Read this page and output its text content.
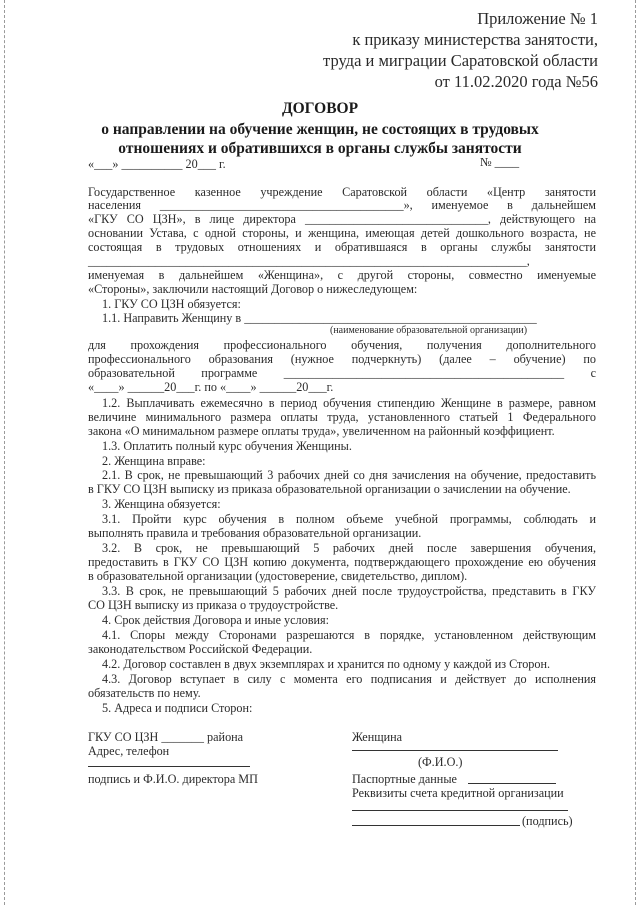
Приложение № 1

к приказу министерства занятости,
труда и миграции Саратовской области
от 11.02.2020 года №56
ДОГОВОР
о направлении на обучение женщин, не состоящих в трудовых
отношениях и обратившихся в органы службы занятости
«___» __________ 20___ г.	№ ____
Государственное казенное учреждение Саратовской области «Центр занятости
населения ________________________________________», именуемое в дальнейшем
«ГКУ СО ЦЗН», в лице директора ______________________________, действующего на
основании Устава, с одной стороны, и женщина, имеющая детей дошкольного возраста, не
состоящая в трудовых отношениях и обратившаяся в органы службы занятости
________________________________________________________________________,
именуемая в дальнейшем «Женщина», с другой стороны, совместно именуемые
«Стороны», заключили настоящий Договор о нижеследующем:
1. ГКУ СО ЦЗН обязуется:
1.1. Направить Женщину в ________________________________________________
(наименование образовательной организации)
для прохождения профессионального обучения, получения дополнительного
профессионального образования (нужное подчеркнуть) (далее – обучение) по
образовательной программе ______________________________________________ с
«____» ______20___г. по «____» ______20___г.
1.2. Выплачивать ежемесячно в период обучения стипендию Женщине в размере, равном
величине минимального размера оплаты труда, установленного статьей 1 Федерального
закона «О минимальном размере оплаты труда», увеличенном на районный коэффициент.
1.3. Оплатить полный курс обучения Женщины.
2. Женщина вправе:
2.1. В срок, не превышающий 3 рабочих дней со дня зачисления на обучение, предоставить
в ГКУ СО ЦЗН выписку из приказа образовательной организации о зачислении на обучение.
3. Женщина обязуется:
3.1. Пройти курс обучения в полном объеме учебной программы, соблюдать и
выполнять правила и требования образовательной организации.
3.2. В срок, не превышающий 5 рабочих дней после завершения обучения,
предоставить в ГКУ СО ЦЗН копию документа, подтверждающего прохождение ею обучения
в образовательной организации (удостоверение, свидетельство, диплом).
3.3. В срок, не превышающий 5 рабочих дней после трудоустройства, представить в ГКУ
СО ЦЗН выписку из приказа о трудоустройстве.
4. Срок действия Договора и иные условия:
4.1. Споры между Сторонами разрешаются в порядке, установленном действующим
законодательством Российской Федерации.
4.2. Договор составлен в двух экземплярах и хранится по одному у каждой из Сторон.
4.3. Договор вступает в силу с момента его подписания и действует до исполнения
обязательств по нему.
5. Адреса и подписи Сторон:
ГКУ СО ЦЗН _______ района
Адрес, телефон
подпись и Ф.И.О. директора МП
Женщина
(Ф.И.О.)
Паспортные данные
Реквизиты счета кредитной организации
(подпись)
